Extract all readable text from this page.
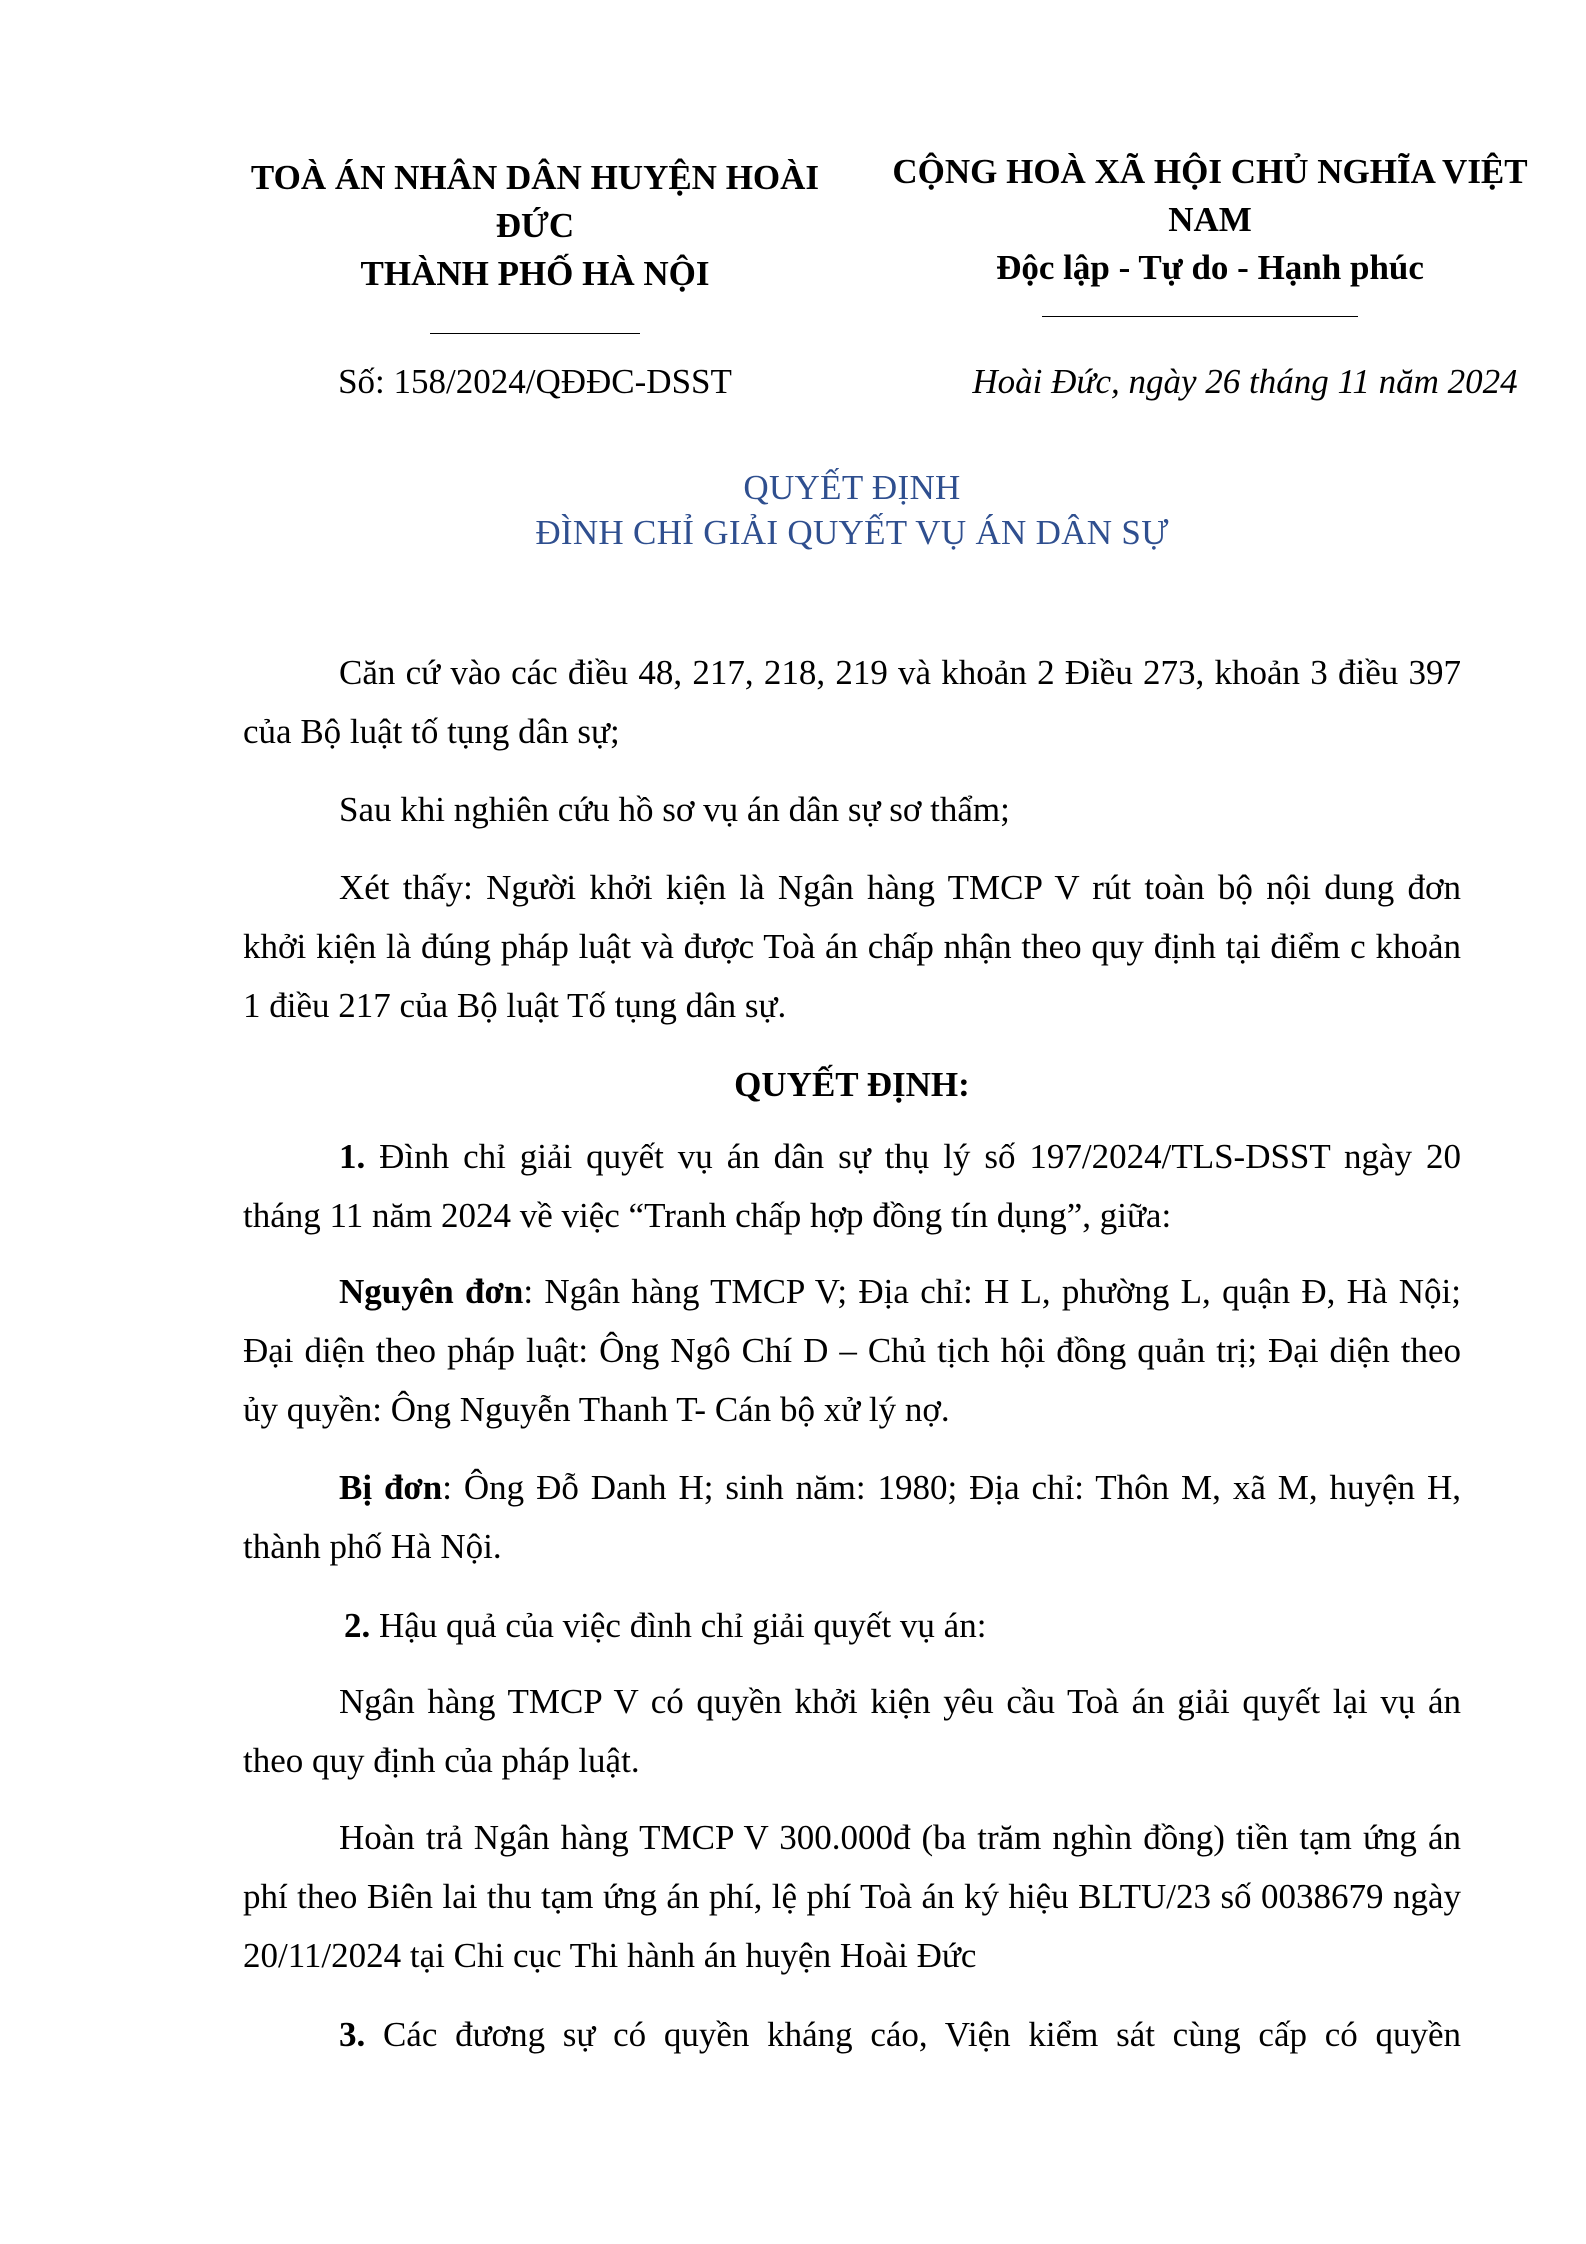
TOÀ ÁN NHÂN DÂN HUYỆN HOÀI
ĐỨC
THÀNH PHỐ HÀ NỘI
CỘNG HOÀ XÃ HỘI CHỦ NGHĨA VIỆT
NAM
Độc lập - Tự do - Hạnh phúc
Số: 158/2024/QĐĐC-DSST	Hoài Đức, ngày 26 tháng 11 năm 2024
QUYẾT ĐỊNH
ĐÌNH CHỈ GIẢI QUYẾT VỤ ÁN DÂN SỰ
Căn cứ vào các điều 48, 217, 218, 219 và khoản 2 Điều 273, khoản 3 điều 397 của Bộ luật tố tụng dân sự;
Sau khi nghiên cứu hồ sơ vụ án dân sự sơ thẩm;
Xét thấy: Người khởi kiện là Ngân hàng TMCP V rút toàn bộ nội dung đơn khởi kiện là đúng pháp luật và được Toà án chấp nhận theo quy định tại điểm c khoản 1 điều 217 của Bộ luật Tố tụng dân sự.
QUYẾT ĐỊNH:
1. Đình chỉ giải quyết vụ án dân sự thụ lý số 197/2024/TLS-DSST ngày 20 tháng 11 năm 2024 về việc “Tranh chấp hợp đồng tín dụng”, giữa:
Nguyên đơn: Ngân hàng TMCP V; Địa chỉ: H L, phường L, quận Đ, Hà Nội; Đại diện theo pháp luật: Ông Ngô Chí D – Chủ tịch hội đồng quản trị; Đại diện theo ủy quyền: Ông Nguyễn Thanh T- Cán bộ xử lý nợ.
Bị đơn: Ông Đỗ Danh H; sinh năm: 1980; Địa chỉ: Thôn M, xã M, huyện H, thành phố Hà Nội.
2. Hậu quả của việc đình chỉ giải quyết vụ án:
Ngân hàng TMCP V có quyền khởi kiện yêu cầu Toà án giải quyết lại vụ án theo quy định của pháp luật.
Hoàn trả Ngân hàng TMCP V 300.000đ (ba trăm nghìn đồng) tiền tạm ứng án phí theo Biên lai thu tạm ứng án phí, lệ phí Toà án ký hiệu BLTU/23 số 0038679 ngày 20/11/2024 tại Chi cục Thi hành án huyện Hoài Đức
3. Các đương sự có quyền kháng cáo, Viện kiểm sát cùng cấp có quyền
